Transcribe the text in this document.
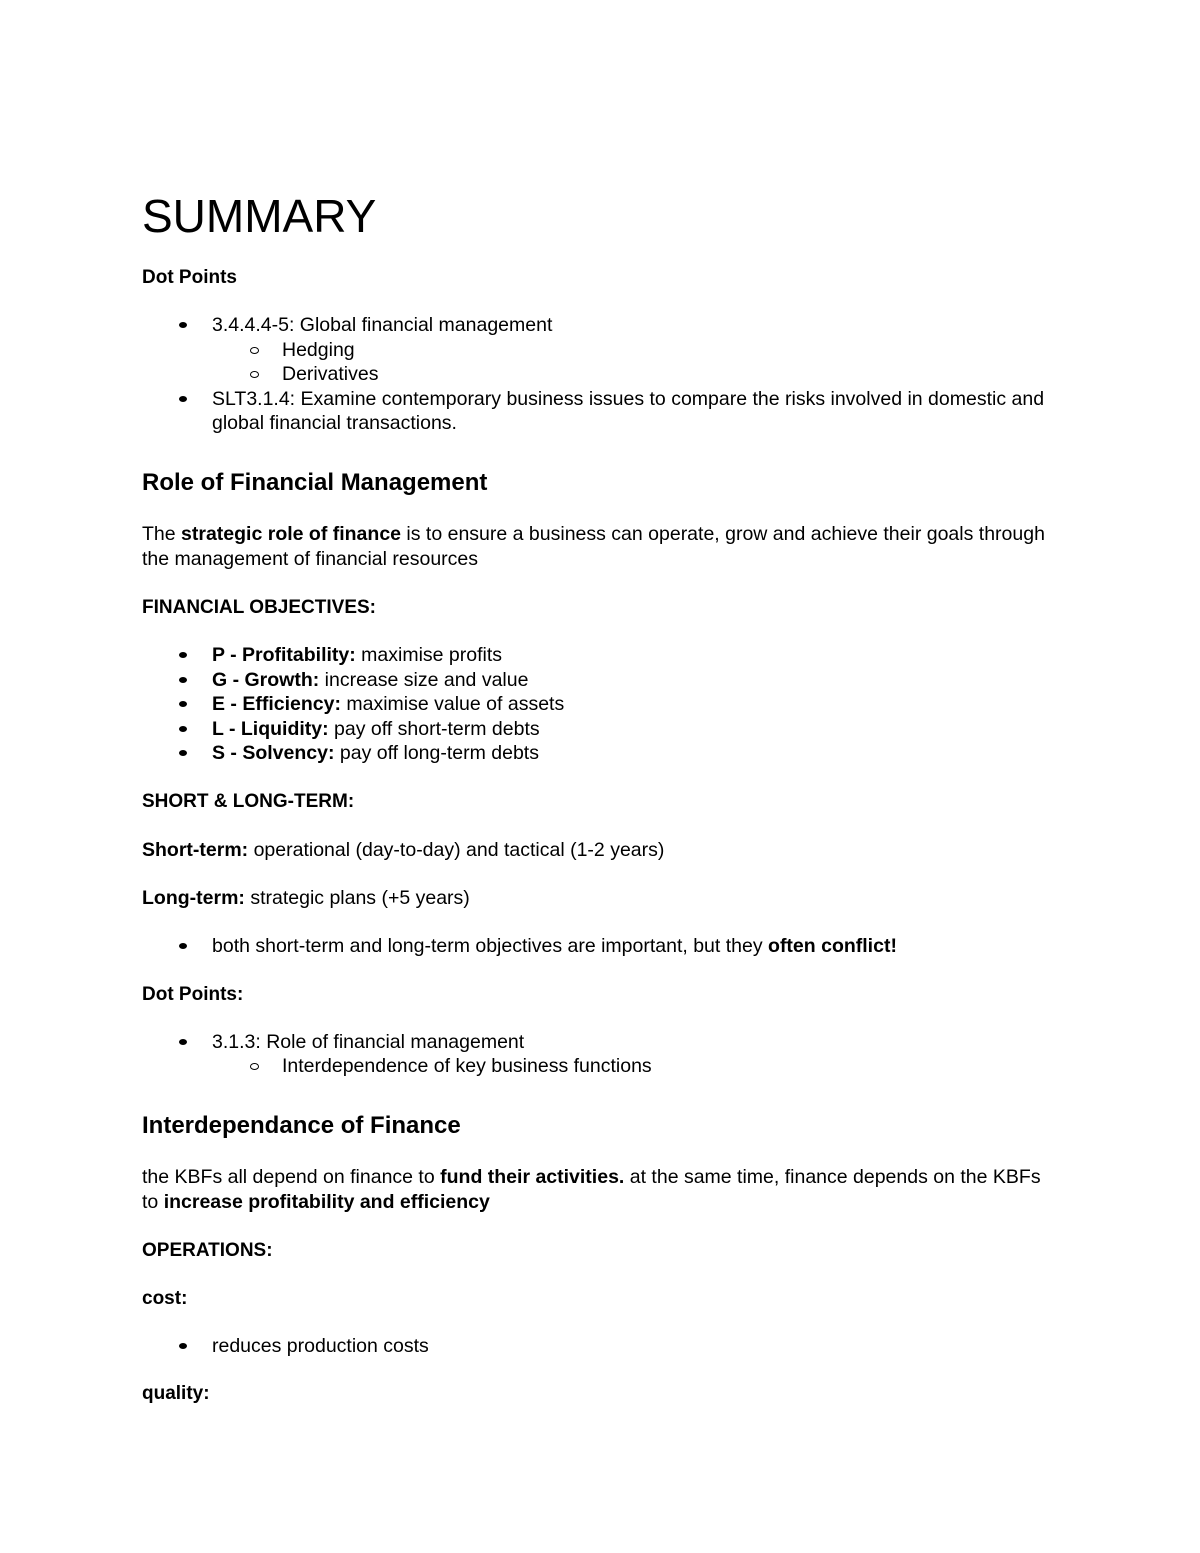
SUMMARY

Dot Points

3.4.4.4-5: Global financial management
Hedging
Derivatives
SLT3.1.4: Examine contemporary business issues to compare the risks involved in domestic and global financial transactions.
Role of Financial Management

The strategic role of finance is to ensure a business can operate, grow and achieve their goals through the management of financial resources

FINANCIAL OBJECTIVES:

P - Profitability: maximise profits
G - Growth: increase size and value
E - Efficiency: maximise value of assets
L - Liquidity: pay off short-term debts
S - Solvency: pay off long-term debts

SHORT & LONG-TERM:

Short-term: operational (day-to-day) and tactical (1-2 years)

Long-term: strategic plans (+5 years)

both short-term and long-term objectives are important, but they often conflict!

Dot Points:

3.1.3: Role of financial management
Interdependence of key business functions
Interdependance of Finance

the KBFs all depend on finance to fund their activities. at the same time, finance depends on the KBFs to increase profitability and efficiency

OPERATIONS:

cost:

reduces production costs

quality:
